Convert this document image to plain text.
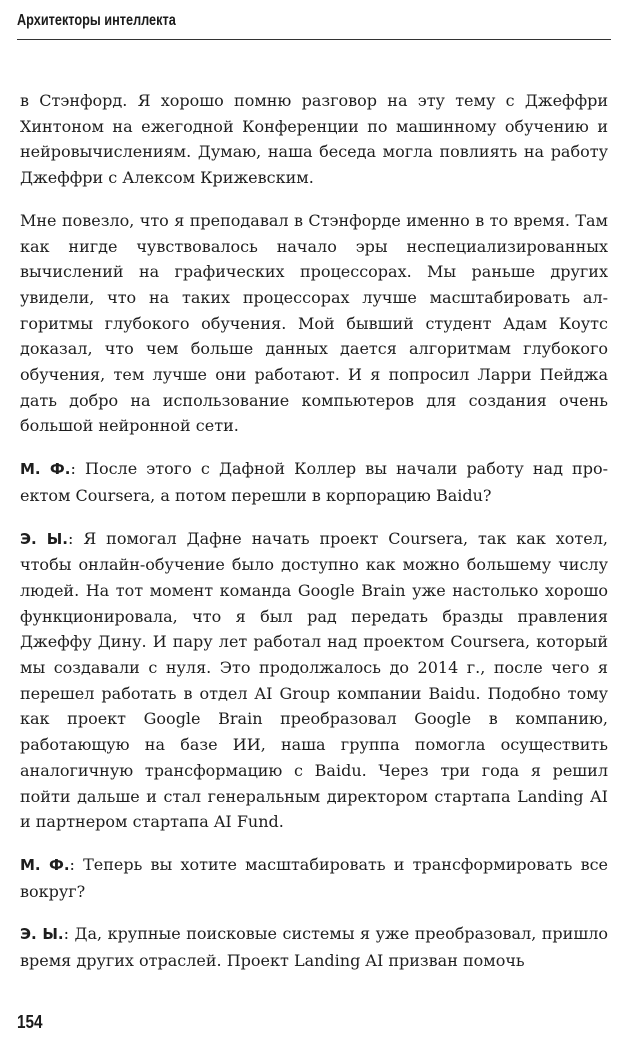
Архитекторы интеллекта

в Стэнфорд. Я хорошо помню разговор на эту тему с Джеффри Хинтоном на ежегодной Конференции по машинному обучению и нейровычислениям. Думаю, наша беседа могла повлиять на работу Джеффри с Алексом Крижевским.

Мне повезло, что я преподавал в Стэнфорде именно в то время. Там как нигде чувствовалось начало эры неспециализированных вычислений на графических процессорах. Мы раньше других увидели, что на таких процессорах лучше масштабировать алгоритмы глубокого обучения. Мой бывший студент Адам Коутс доказал, что чем больше данных дается алгоритмам глубокого обучения, тем лучше они работают. И я попросил Ларри Пейджа дать добро на использование компьютеров для создания очень большой нейронной сети.

М. Ф.: После этого с Дафной Коллер вы начали работу над проектом Coursera, а потом перешли в корпорацию Baidu?

Э. Ы.: Я помогал Дафне начать проект Coursera, так как хотел, чтобы онлайн-обучение было доступно как можно большему числу людей. На тот момент команда Google Brain уже настолько хорошо функционировала, что я был рад передать бразды правления Джеффу Дину. И пару лет работал над проектом Coursera, который мы создавали с нуля. Это продолжалось до 2014 г., после чего я перешел работать в отдел AI Group компании Baidu. Подобно тому как проект Google Brain преобразовал Google в компанию, работающую на базе ИИ, наша группа помогла осуществить аналогичную трансформацию с Baidu. Через три года я решил пойти дальше и стал генеральным директором стартапа Landing AI и партнером стартапа AI Fund.

М. Ф.: Теперь вы хотите масштабировать и трансформировать все вокруг?

Э. Ы.: Да, крупные поисковые системы я уже преобразовал, пришло время других отраслей. Проект Landing AI призван помочь

154
